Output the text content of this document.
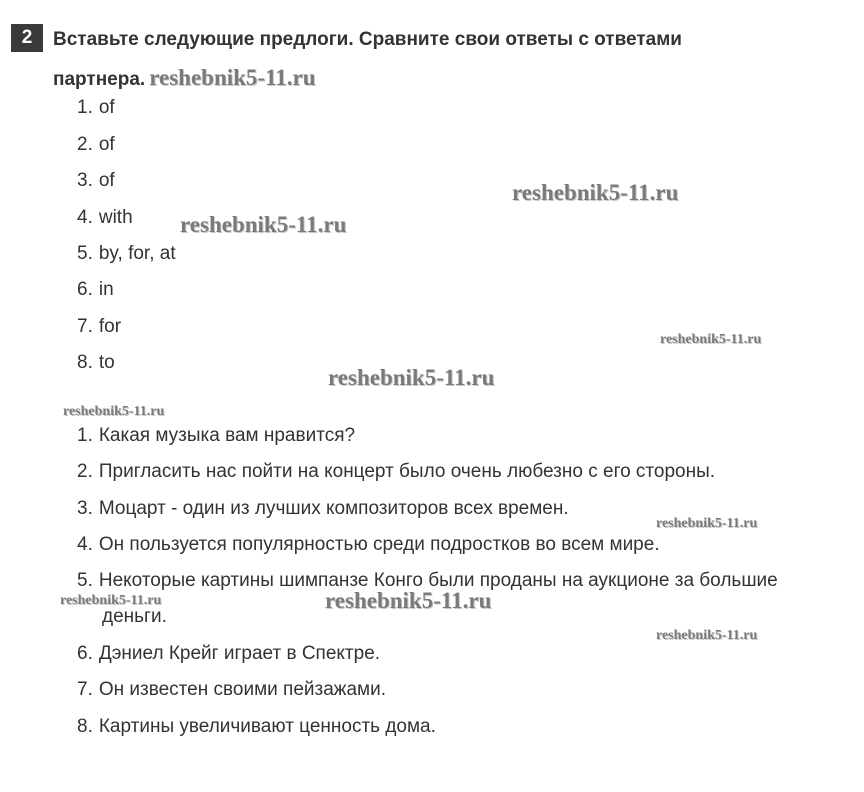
2	Вставьте следующие предлоги. Сравните свои ответы с ответами
партнера. reshebnik5-11.ru

1. of
2. of
3. of
4. with
5. by, for, at
6. in
7. for
8. to
1. Какая музыка вам нравится?
2. Пригласить нас пойти на концерт было очень любезно с его стороны.
3. Моцарт - один из лучших композиторов всех времен.
4. Он пользуется популярностью среди подростков во всем мире.
5. Некоторые картины шимпанзе Конго были проданы на аукционе за большие
деньги.
6. Дэниел Крейг играет в Спектре.
7. Он известен своими пейзажами.
8. Картины увеличивают ценность дома.
reshebnik5-11.ru
reshebnik5-11.ru
reshebnik5-11.ru
reshebnik5-11.ru
reshebnik5-11.ru
reshebnik5-11.ru
reshebnik5-11.ru	reshebnik5-11.ru
reshebnik5-11.ru
